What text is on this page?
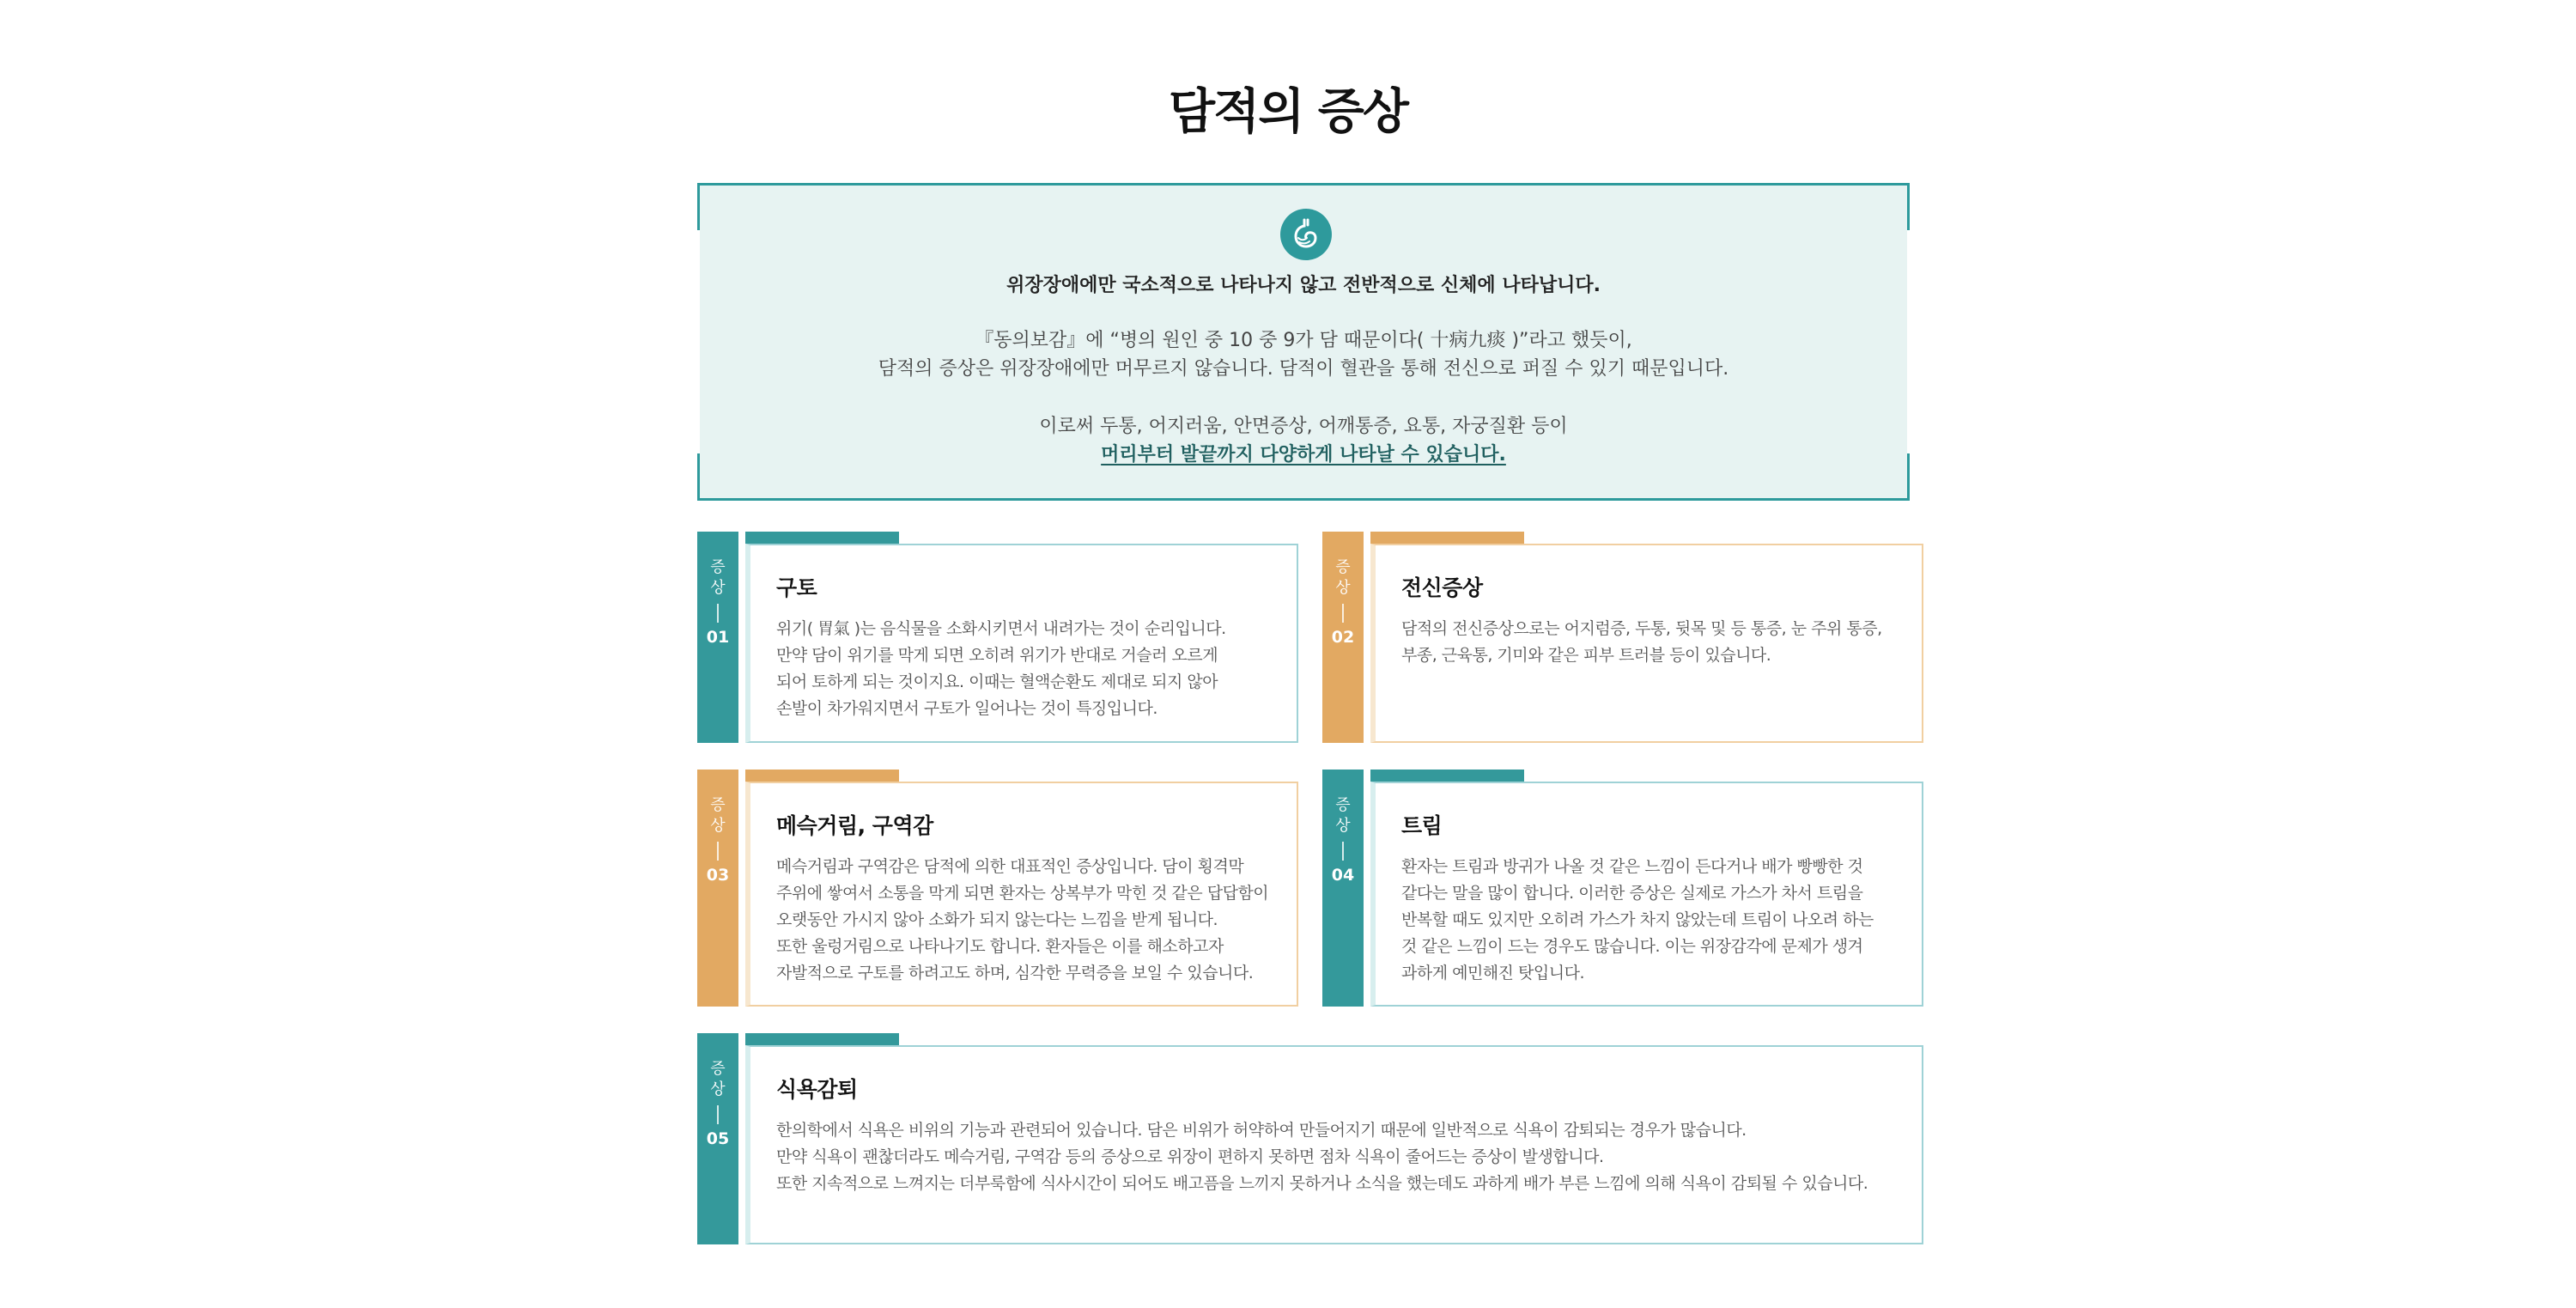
담적의 증상

위장장애에만 국소적으로 나타나지 않고 전반적으로 신체에 나타납니다.

『동의보감』에 “병의 원인 중 10 중 9가 담 때문이다( 十病九痰 )”라고 했듯이,

담적의 증상은 위장장애에만 머무르지 않습니다. 담적이 혈관을 통해 전신으로 퍼질 수 있기 때문입니다.

이로써 두통, 어지러움, 안면증상, 어깨통증, 요통, 자궁질환 등이

머리부터 발끝까지 다양하게 나타날 수 있습니다.

증
상
01
구토
위기( 胃氣 )는 음식물을 소화시키면서 내려가는 것이 순리입니다.
만약 담이 위기를 막게 되면 오히려 위기가 반대로 거슬러 오르게
되어 토하게 되는 것이지요. 이때는 혈액순환도 제대로 되지 않아
손발이 차가워지면서 구토가 일어나는 것이 특징입니다.
증
상
02
전신증상
담적의 전신증상으로는 어지럼증, 두통, 뒷목 및 등 통증, 눈 주위 통증,
부종, 근육통, 기미와 같은 피부 트러블 등이 있습니다.
증
상
03
메슥거림, 구역감
메슥거림과 구역감은 담적에 의한 대표적인 증상입니다. 담이 횡격막
주위에 쌓여서 소통을 막게 되면 환자는 상복부가 막힌 것 같은 답답함이
오랫동안 가시지 않아 소화가 되지 않는다는 느낌을 받게 됩니다.
또한 울렁거림으로 나타나기도 합니다. 환자들은 이를 해소하고자
자발적으로 구토를 하려고도 하며, 심각한 무력증을 보일 수 있습니다.
증
상
04
트림
환자는 트림과 방귀가 나올 것 같은 느낌이 든다거나 배가 빵빵한 것
같다는 말을 많이 합니다. 이러한 증상은 실제로 가스가 차서 트림을
반복할 때도 있지만 오히려 가스가 차지 않았는데 트림이 나오려 하는
것 같은 느낌이 드는 경우도 많습니다. 이는 위장감각에 문제가 생겨
과하게 예민해진 탓입니다.
증
상
05
식욕감퇴
한의학에서 식욕은 비위의 기능과 관련되어 있습니다. 담은 비위가 허약하여 만들어지기 때문에 일반적으로 식욕이 감퇴되는 경우가 많습니다.
만약 식욕이 괜찮더라도 메슥거림, 구역감 등의 증상으로 위장이 편하지 못하면 점차 식욕이 줄어드는 증상이 발생합니다.
또한 지속적으로 느껴지는 더부룩함에 식사시간이 되어도 배고픔을 느끼지 못하거나 소식을 했는데도 과하게 배가 부른 느낌에 의해 식욕이 감퇴될 수 있습니다.
